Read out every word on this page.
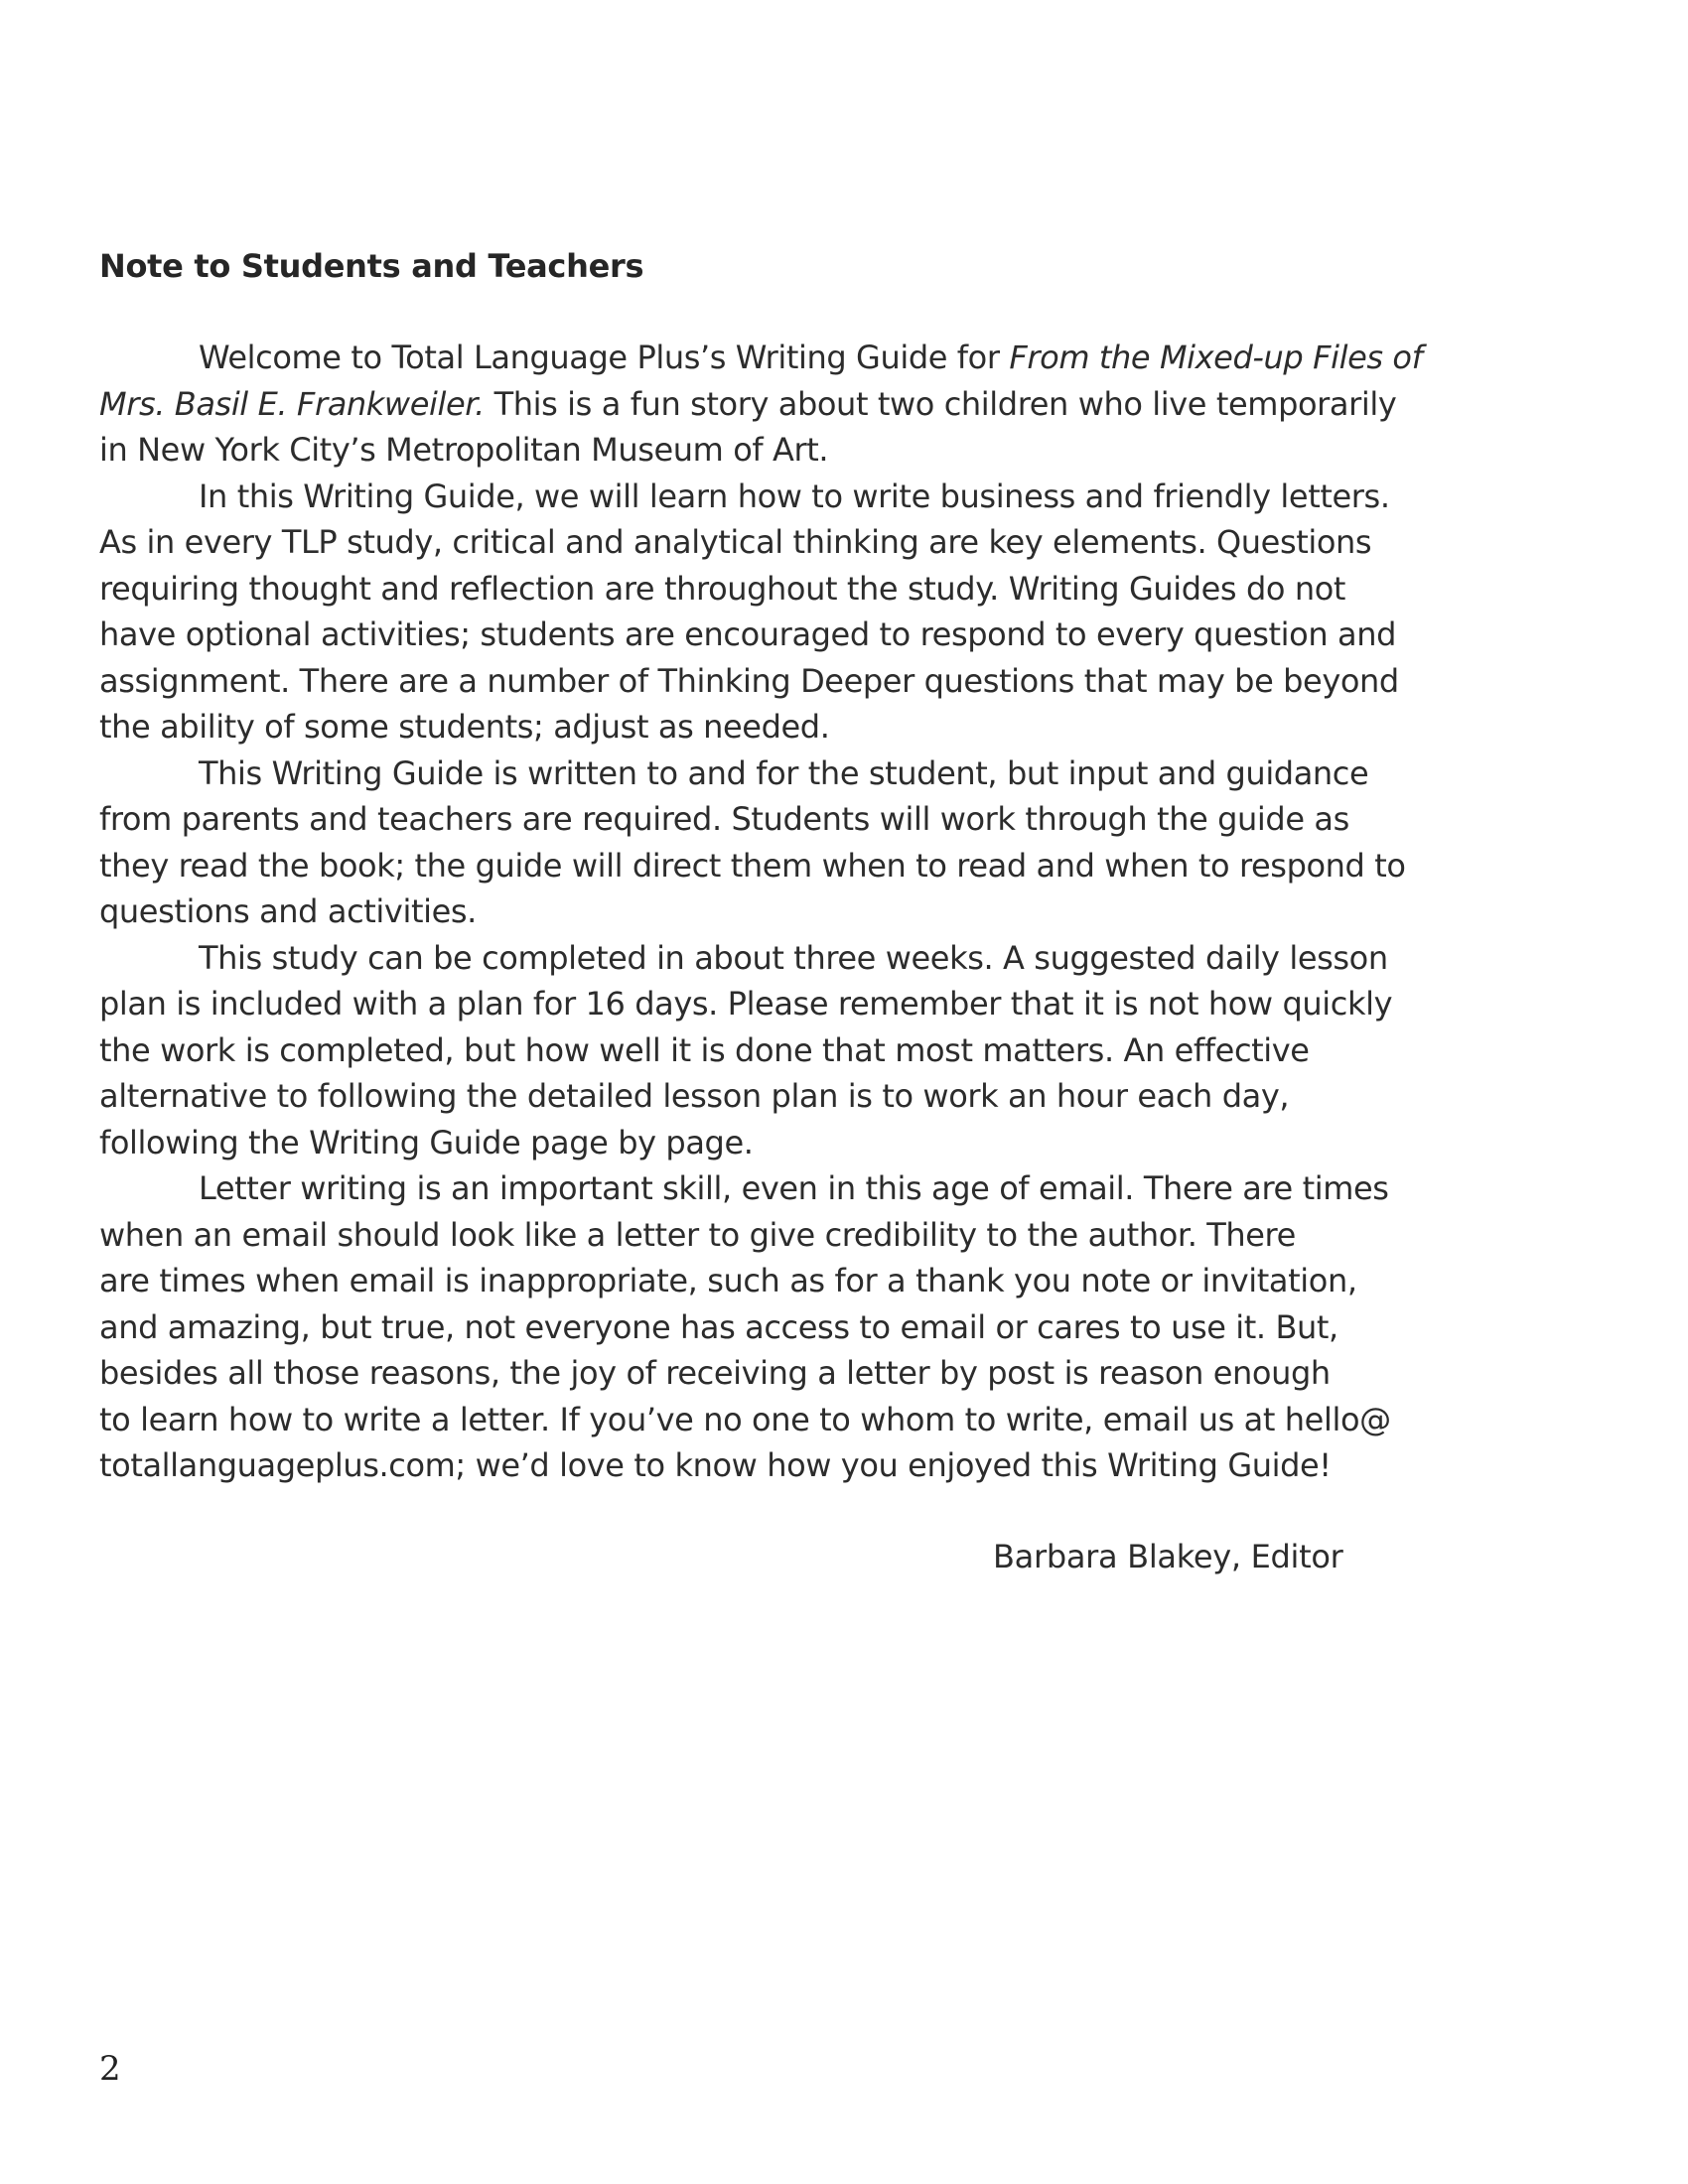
Note to Students and Teachers
Welcome to Total Language Plus’s Writing Guide for From the Mixed-up Files of
Mrs. Basil E. Frankweiler. This is a fun story about two children who live temporarily
in New York City’s Metropolitan Museum of Art.
In this Writing Guide, we will learn how to write business and friendly letters.
As in every TLP study, critical and analytical thinking are key elements. Questions
requiring thought and reflection are throughout the study. Writing Guides do not
have optional activities; students are encouraged to respond to every question and
assignment. There are a number of Thinking Deeper questions that may be beyond
the ability of some students; adjust as needed.
This Writing Guide is written to and for the student, but input and guidance
from parents and teachers are required. Students will work through the guide as
they read the book; the guide will direct them when to read and when to respond to
questions and activities.
This study can be completed in about three weeks. A suggested daily lesson
plan is included with a plan for 16 days. Please remember that it is not how quickly
the work is completed, but how well it is done that most matters. An effective
alternative to following the detailed lesson plan is to work an hour each day,
following the Writing Guide page by page.
Letter writing is an important skill, even in this age of email. There are times
when an email should look like a letter to give credibility to the author. There
are times when email is inappropriate, such as for a thank you note or invitation,
and amazing, but true, not everyone has access to email or cares to use it. But,
besides all those reasons, the joy of receiving a letter by post is reason enough
to learn how to write a letter. If you’ve no one to whom to write, email us at hello@
totallanguageplus.com; we’d love to know how you enjoyed this Writing Guide!
Barbara Blakey, Editor
2
